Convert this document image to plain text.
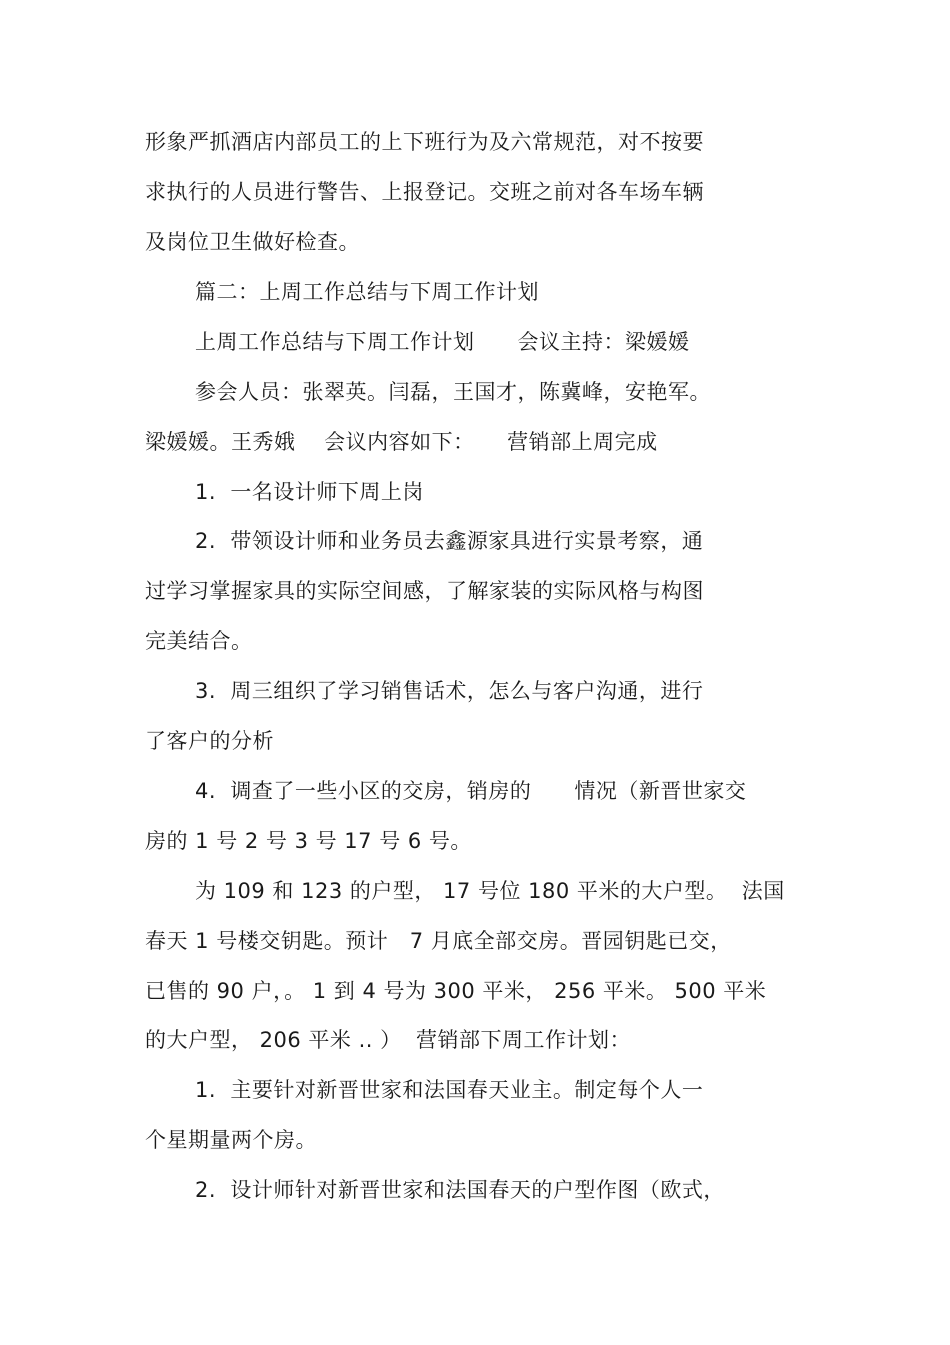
形象严抓酒店内部员工的上下班行为及六常规范，对不按要
求执行的人员进行警告、上报登记。交班之前对各车场车辆
及岗位卫生做好检查。
篇二：上周工作总结与下周工作计划
上周工作总结与下周工作计划　　会议主持：梁媛媛
参会人员：张翠英。闫磊，王国才，陈冀峰，安艳军。
梁媛媛。王秀娥　 会议内容如下：　　营销部上周完成
1.  一名设计师下周上岗
2.  带领设计师和业务员去鑫源家具进行实景考察，通
过学习掌握家具的实际空间感，了解家装的实际风格与构图
完美结合。
3.  周三组织了学习销售话术，怎么与客户沟通，进行
了客户的分析
4.  调查了一些小区的交房，销房的　　情况（新晋世家交
房的 1 号 2 号 3 号 17 号 6 号。
为 109 和 123 的户型， 17 号位 180 平米的大户型。  法国
春天 1 号楼交钥匙。预计　7 月底全部交房。晋园钥匙已交，
已售的 90 户，。 1 到 4 号为 300 平米， 256 平米。 500 平米
的大户型， 206 平米 .. ）  营销部下周工作计划：
1.  主要针对新晋世家和法国春天业主。制定每个人一
个星期量两个房。
2.  设计师针对新晋世家和法国春天的户型作图（欧式，
